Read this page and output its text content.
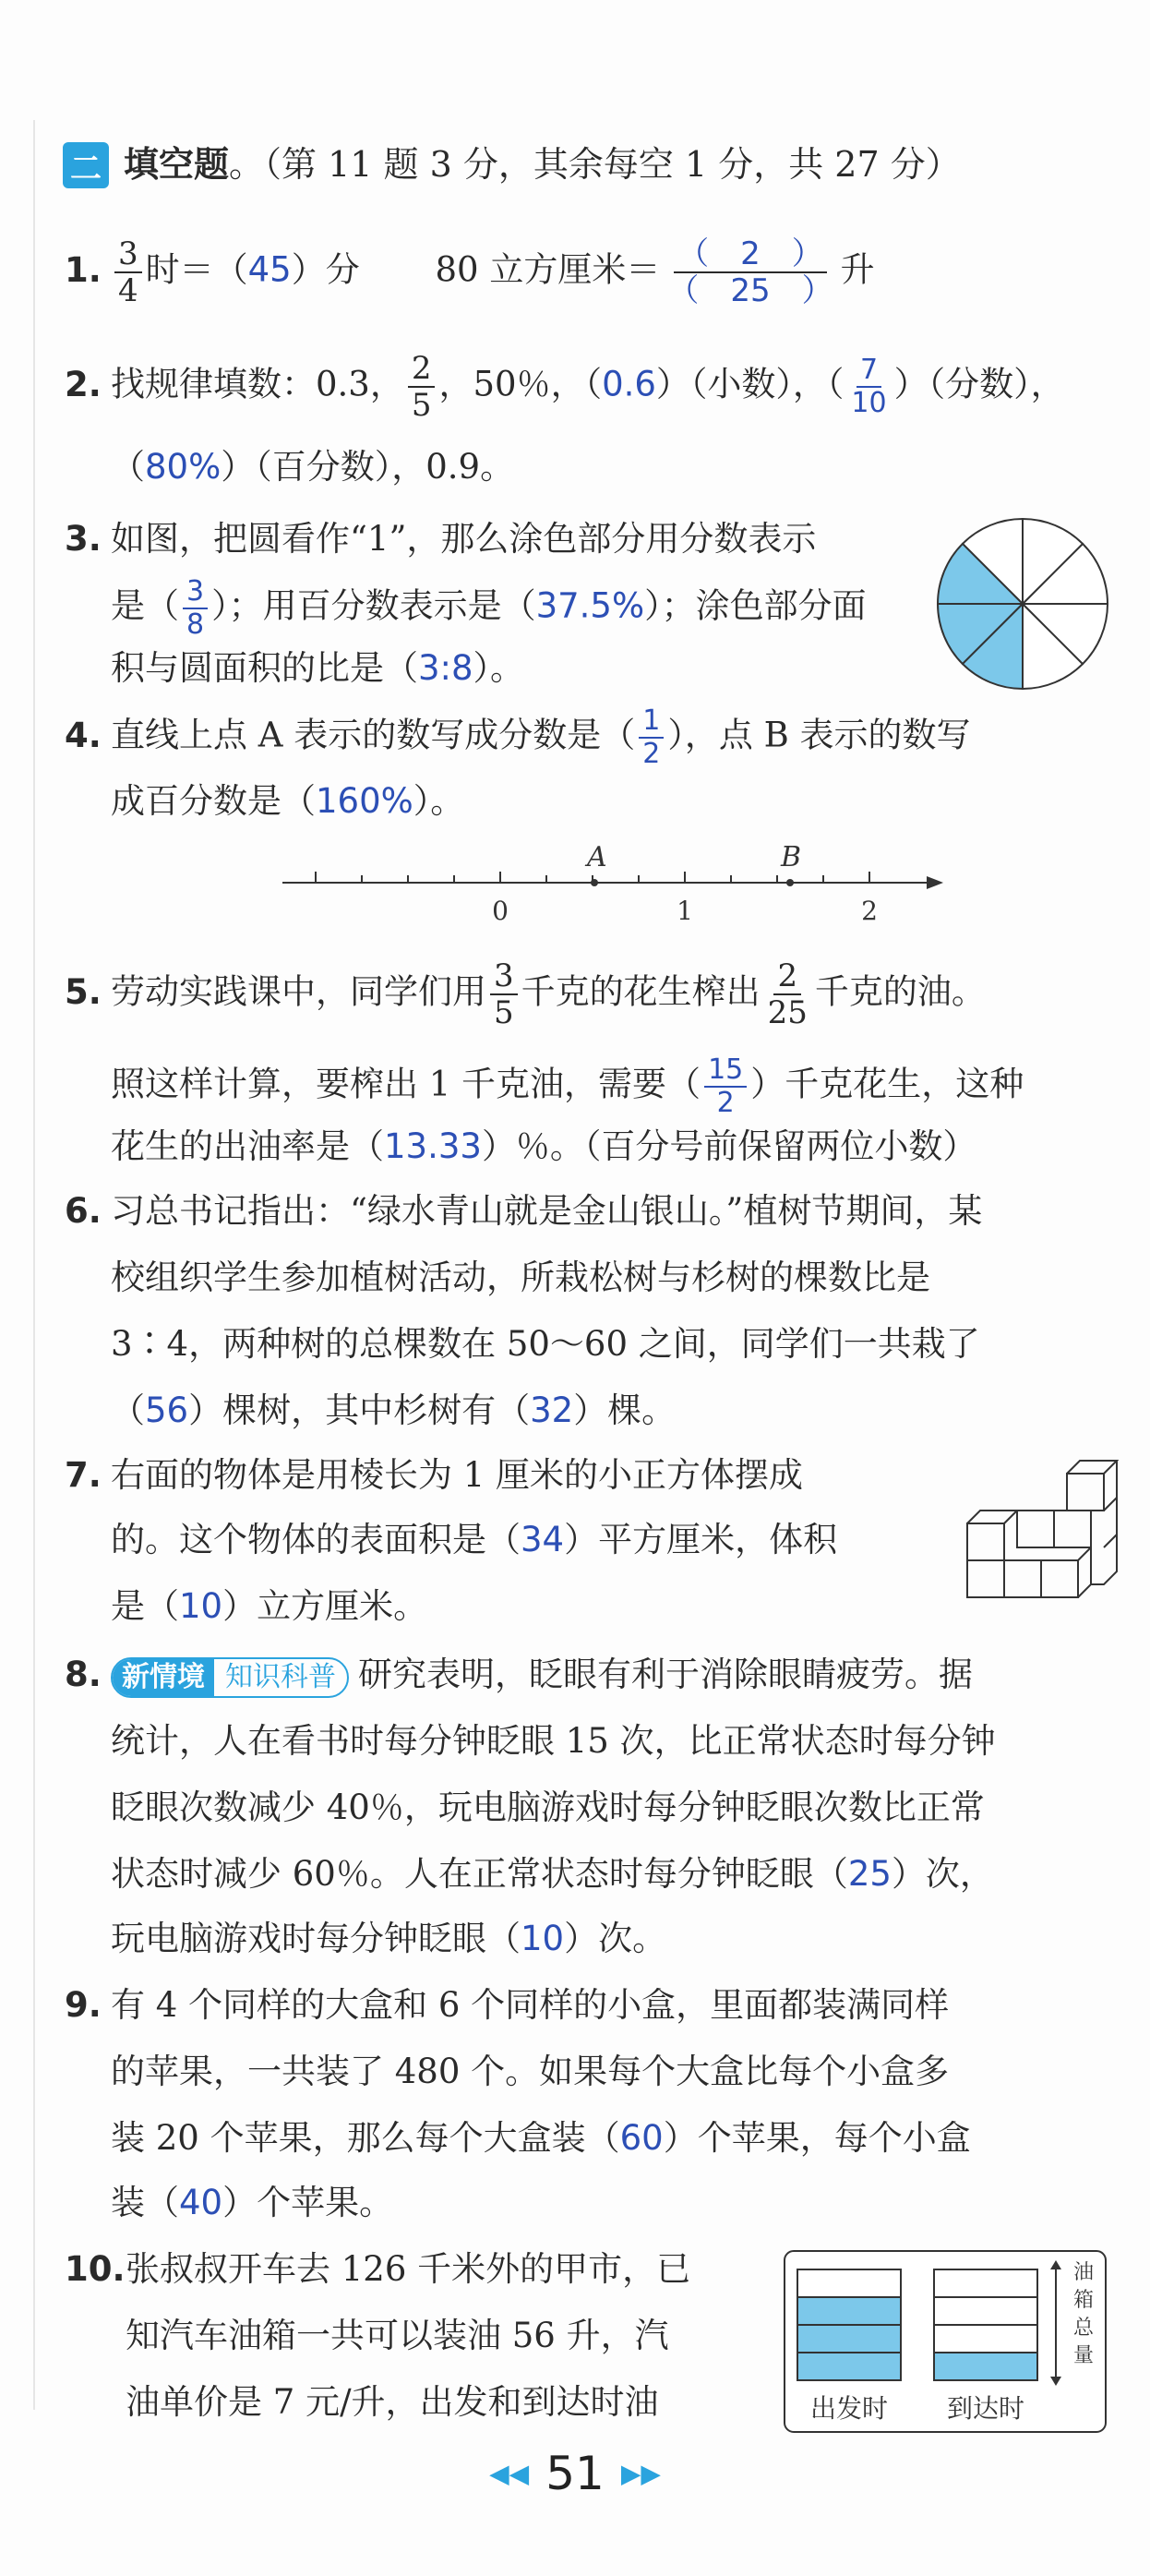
二 填空题。（第 11 题 3 分，其余每空 1 分，共 27 分）
1. $\frac{3}{4}$ 时＝（45）分 80 立方厘米＝ $\frac{( 2 )}{( 25 )}$ 升
2. 找规律填数：0.3， $\frac{2}{5}$ ，50％，（0.6）（小数），（ $\frac{7}{10}$ ）（分数），
（80%）（百分数），0.9。
3. 如图，把圆看作“1”，那么涂色部分用分数表示
是（ $\frac{3}{8}$ ）；用百分数表示是（37.5%）；涂色部分面
积与圆面积的比是（3:8）。
4. 直线上点 A 表示的数写成分数是（ $\frac{1}{2}$ ），点 B 表示的数写
成百分数是（160%）。
A	B
0	1	2
5. 劳动实践课中，同学们用 $\frac{3}{5}$ 千克的花生榨出 $\frac{2}{25}$ 千克的油。
照这样计算，要榨出 1 千克油，需要（ $\frac{15}{2}$ ）千克花生，这种
花生的出油率是（13.33）％。（百分号前保留两位小数）
6. 习总书记指出：“绿水青山就是金山银山。”植树节期间，某
校组织学生参加植树活动，所栽松树与杉树的棵数比是
3∶4，两种树的总棵数在 50～60 之间，同学们一共栽了
（56）棵树，其中杉树有（32）棵。
7. 右面的物体是用棱长为 1 厘米的小正方体摆成
的。这个物体的表面积是（34）平方厘米，体积
是（10）立方厘米。
8. 新情境 知识科普 研究表明，眨眼有利于消除眼睛疲劳。据
统计，人在看书时每分钟眨眼 15 次，比正常状态时每分钟
眨眼次数减少 40％，玩电脑游戏时每分钟眨眼次数比正常
状态时减少 60％。人在正常状态时每分钟眨眼（25）次，
玩电脑游戏时每分钟眨眼（10）次。
9. 有 4 个同样的大盒和 6 个同样的小盒，里面都装满同样
的苹果，一共装了 480 个。如果每个大盒比每个小盒多
装 20 个苹果，那么每个大盒装（60）个苹果，每个小盒
装（40）个苹果。
10.张叔叔开车去 126 千米外的甲市，已
知汽车油箱一共可以装油 56 升，汽
油单价是 7 元/升，出发和到达时油
油箱总量
出发时 到达时
◀◀ 51 ▶▶
